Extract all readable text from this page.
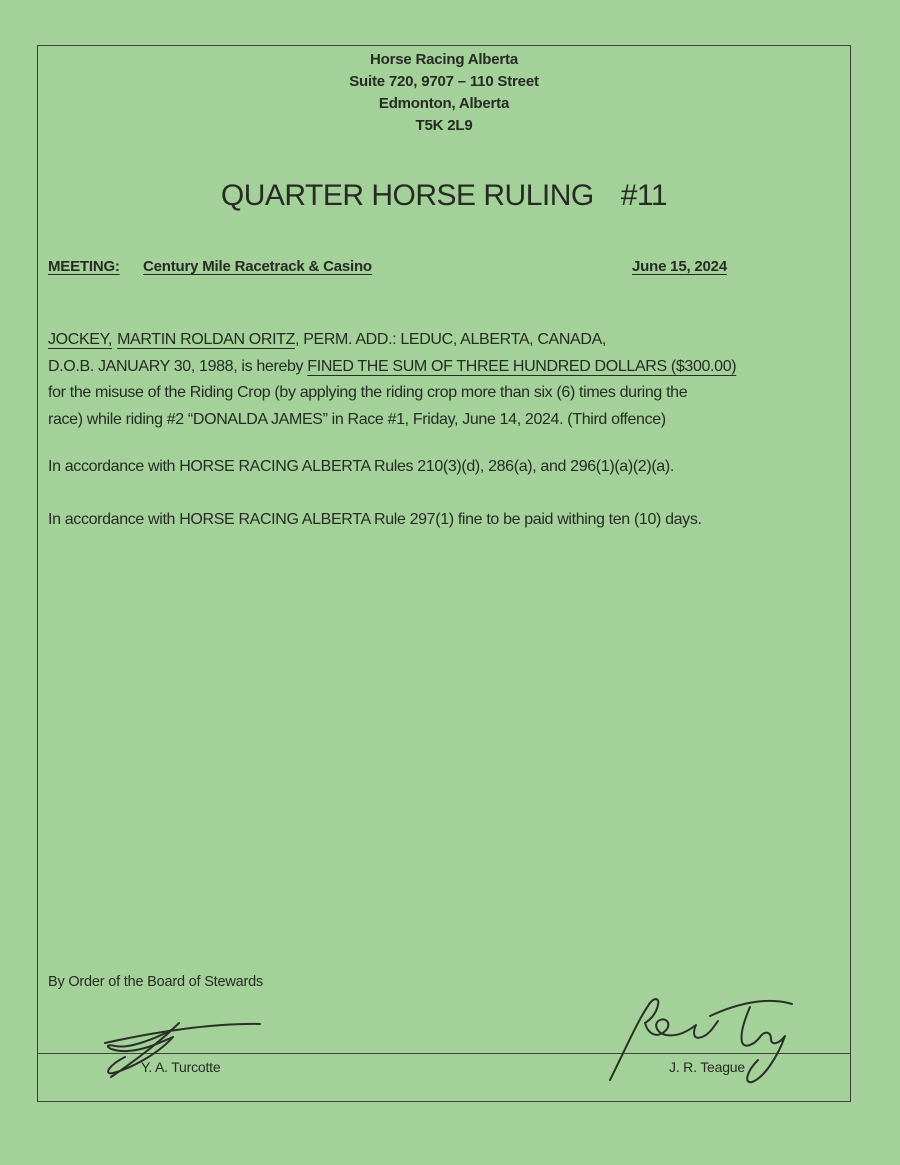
Horse Racing Alberta
Suite 720, 9707 – 110 Street
Edmonton, Alberta
T5K 2L9
QUARTER HORSE RULING #11
MEETING: Century Mile Racetrack & Casino	June 15, 2024
JOCKEY, MARTIN ROLDAN ORITZ, PERM. ADD.: LEDUC, ALBERTA, CANADA,
D.O.B. JANUARY 30, 1988, is hereby FINED THE SUM OF THREE HUNDRED DOLLARS ($300.00)
for the misuse of the Riding Crop (by applying the riding crop more than six (6) times during the
race) while riding #2 “DONALDA JAMES” in Race #1, Friday, June 14, 2024. (Third offence)
In accordance with HORSE RACING ALBERTA Rules 210(3)(d), 286(a), and 296(1)(a)(2)(a).
In accordance with HORSE RACING ALBERTA Rule 297(1) fine to be paid withing ten (10) days.
By Order of the Board of Stewards
Y. A. Turcotte	J. R. Teague
